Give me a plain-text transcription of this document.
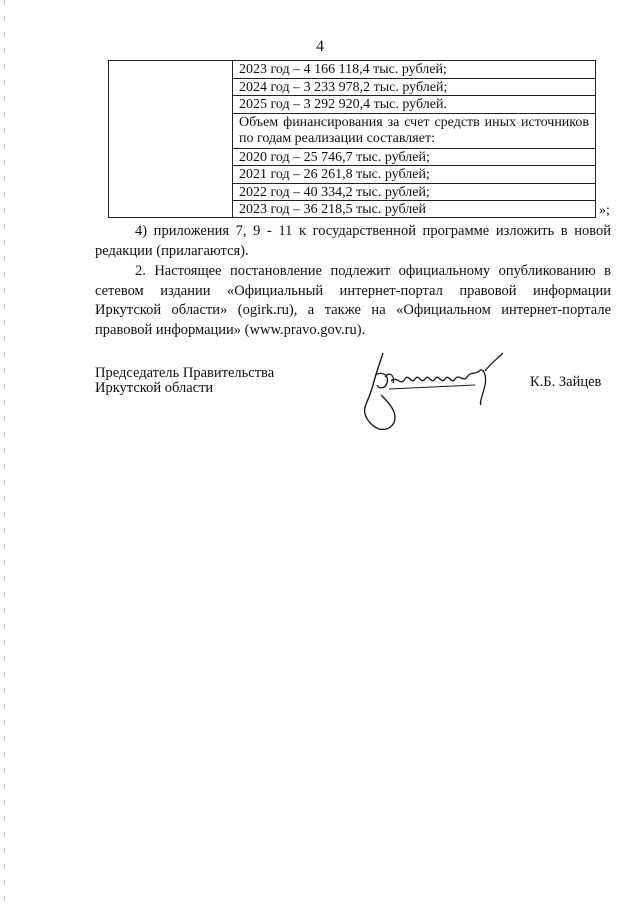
4
2023 год – 4 166 118,4 тыс. рублей;
2024 год – 3 233 978,2 тыс. рублей;
2025 год – 3 292 920,4 тыс. рублей.
Объем финансирования за счет средств иных источников по годам реализации составляет:
2020 год – 25 746,7 тыс. рублей;
2021 год – 26 261,8 тыс. рублей;
2022 год – 40 334,2 тыс. рублей;
2023 год – 36 218,5 тыс. рублей	»;
4) приложения 7, 9 - 11 к государственной программе изложить в новой редакции (прилагаются).
2. Настоящее постановление подлежит официальному опубликованию в сетевом издании «Официальный интернет-портал правовой информации Иркутской области» (ogirk.ru), а также на «Официальном интернет-портале правовой информации» (www.pravo.gov.ru).
Председатель Правительства
Иркутской области	К.Б. Зайцев
